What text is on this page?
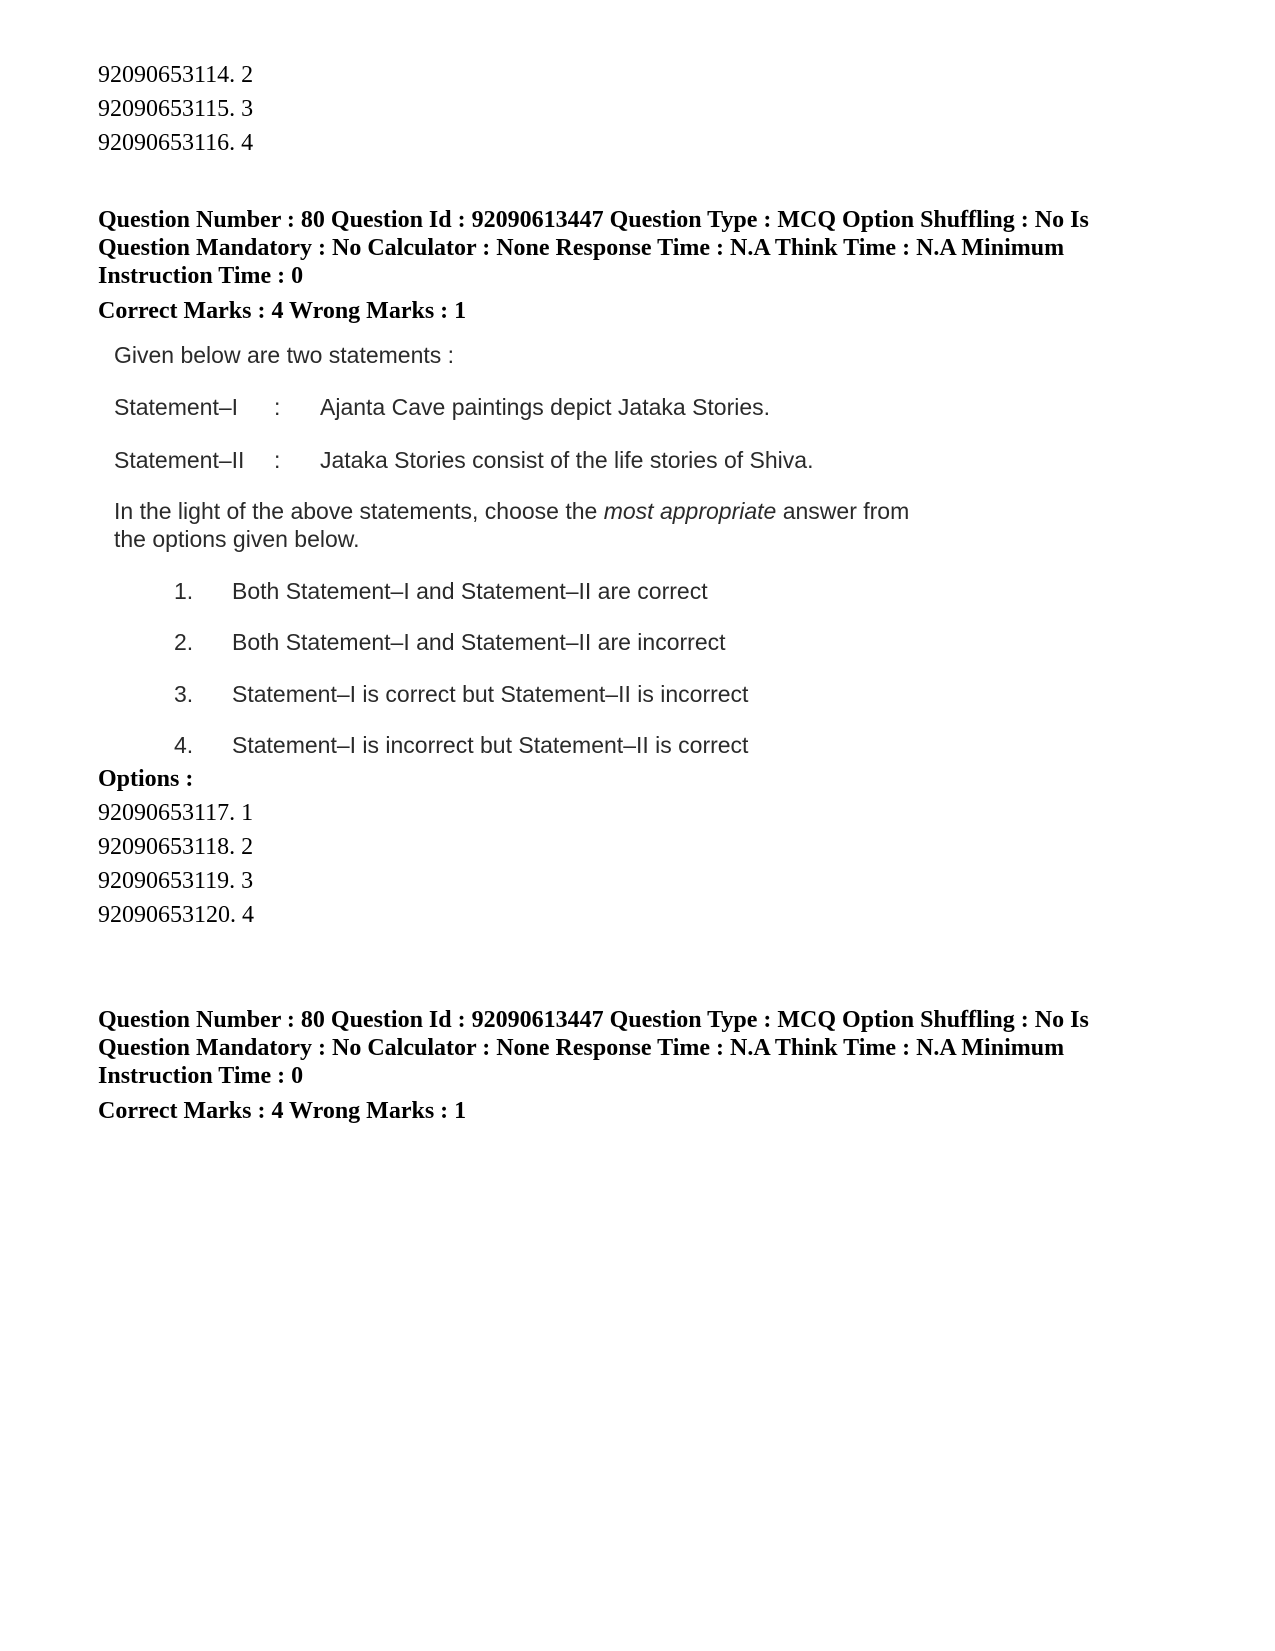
92090653114. 2
92090653115. 3
92090653116. 4
Question Number : 80 Question Id : 92090613447 Question Type : MCQ Option Shuffling : No Is
Question Mandatory : No Calculator : None Response Time : N.A Think Time : N.A Minimum
Instruction Time : 0
Correct Marks : 4 Wrong Marks : 1
Given below are two statements :
Statement–I : Ajanta Cave paintings depict Jataka Stories.
Statement–II : Jataka Stories consist of the life stories of Shiva.
In the light of the above statements, choose the most appropriate answer from
the options given below.
1. Both Statement–I and Statement–II are correct
2. Both Statement–I and Statement–II are incorrect
3. Statement–I is correct but Statement–II is incorrect
4. Statement–I is incorrect but Statement–II is correct
Options :
92090653117. 1
92090653118. 2
92090653119. 3
92090653120. 4
Question Number : 80 Question Id : 92090613447 Question Type : MCQ Option Shuffling : No Is
Question Mandatory : No Calculator : None Response Time : N.A Think Time : N.A Minimum
Instruction Time : 0
Correct Marks : 4 Wrong Marks : 1
